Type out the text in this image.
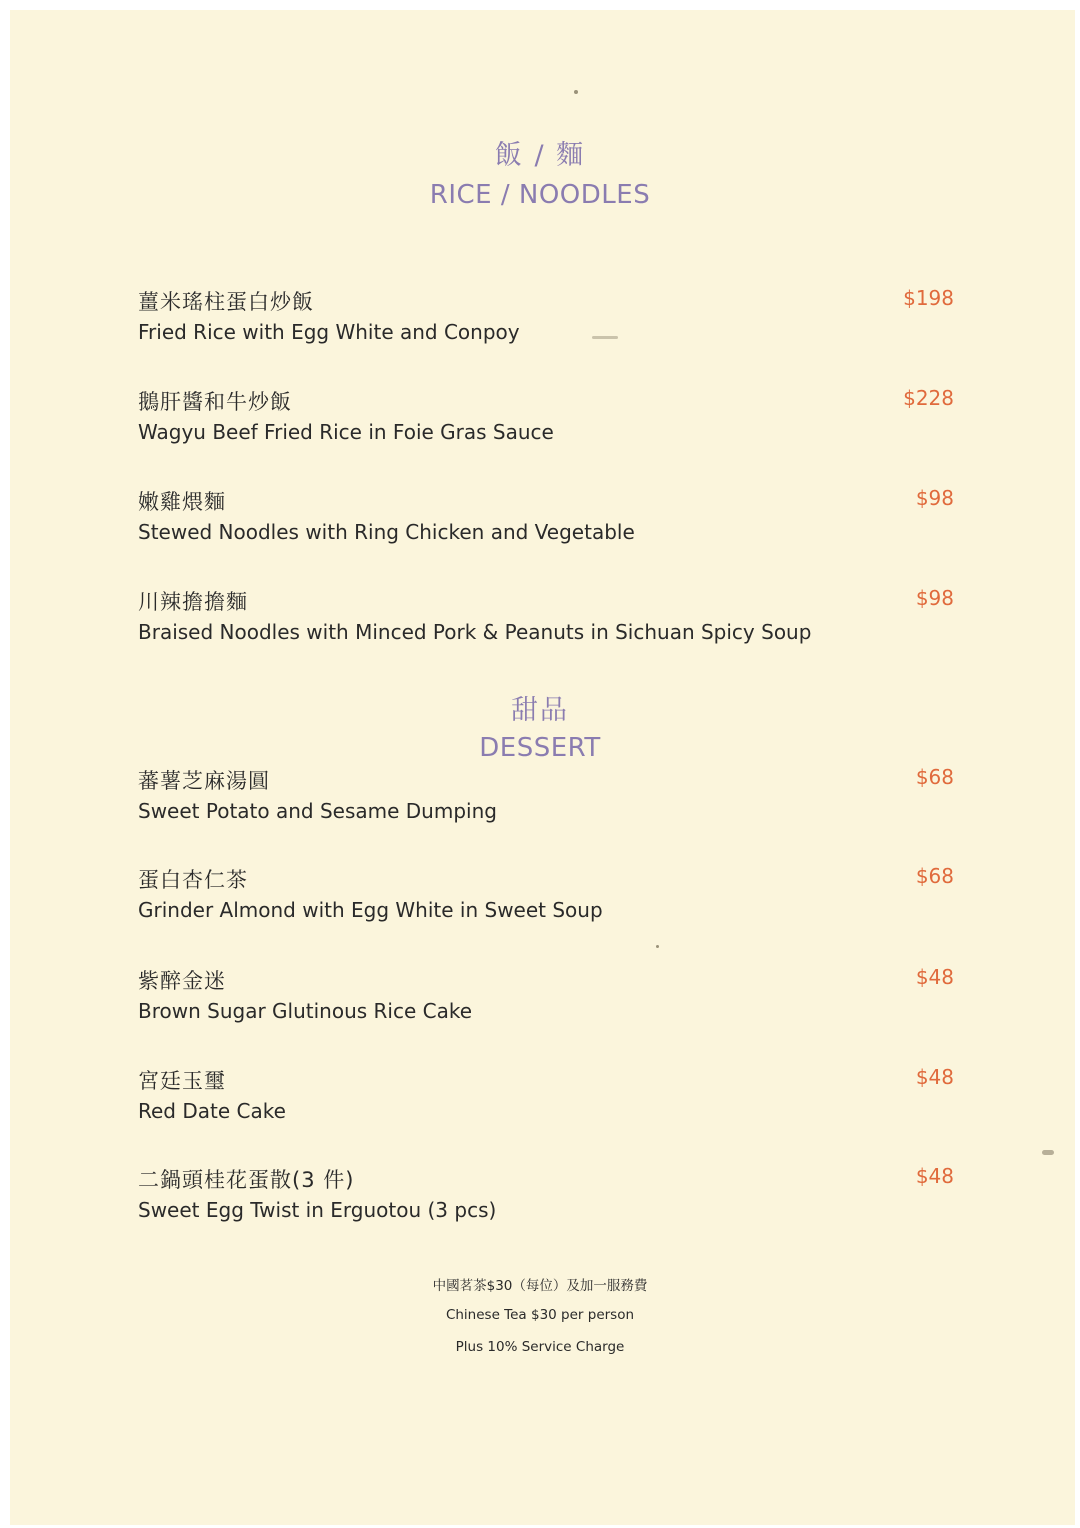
飯 / 麵
RICE / NOODLES
薑米瑤柱蛋白炒飯
Fried Rice with Egg White and Conpoy
$198
鵝肝醬和牛炒飯
Wagyu Beef Fried Rice in Foie Gras Sauce
$228
嫩雞煨麵
Stewed Noodles with Ring Chicken and Vegetable
$98
川辣擔擔麵
Braised Noodles with Minced Pork & Peanuts in Sichuan Spicy Soup
$98
甜品
DESSERT
蕃薯芝麻湯圓
Sweet Potato and Sesame Dumping
$68
蛋白杏仁茶
Grinder Almond with Egg White in Sweet Soup
$68
紫醉金迷
Brown Sugar Glutinous Rice Cake
$48
宮廷玉璽
Red Date Cake
$48
二鍋頭桂花蛋散(3 件)
Sweet Egg Twist in Erguotou (3 pcs)
$48
中國茗茶$30（每位）及加一服務費
Chinese Tea $30 per person
Plus 10% Service Charge
